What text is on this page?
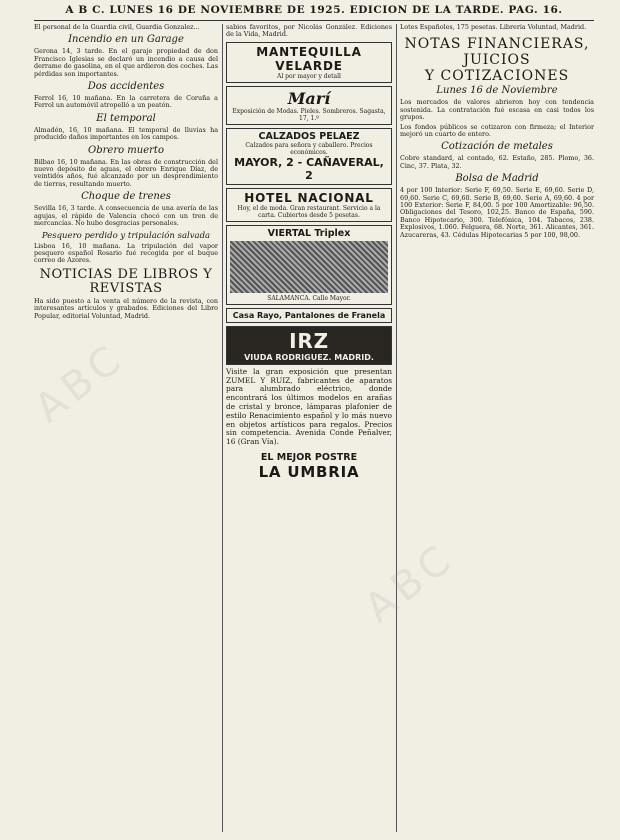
A B C. LUNES 16 DE NOVIEMBRE DE 1925. EDICION DE LA TARDE. PAG. 16.

El personal de la Guardia civil, Guardia Gonzalez...

Incendio en un Garage

Gerona 14, 3 tarde. En el garaje propiedad de don Francisco Iglesias se declaró un incendio a causa del derrame de gasolina, en el que ardieron dos coches. Las pérdidas son importantes.

Dos accidentes

Ferrol 16, 10 mañana. En la carretera de Coruña a Ferrol un automóvil atropelló a un peatón.

El temporal

Almadén, 16, 10 mañana. El temporal de lluvias ha producido daños importantes en los campos.

Obrero muerto

Bilbao 16, 10 mañana. En las obras de construcción del nuevo depósito de aguas, el obrero Enrique Díaz, de veintidós años, fué alcanzado por un desprendimiento de tierras, resultando muerto.

Choque de trenes

Sevilla 16, 3 tarde. A consecuencia de una avería de las agujas, el rápido de Valencia chocó con un tren de mercancías. No hubo desgracias personales.

Pesquero perdido y tripulación salvada

Lisboa 16, 10 mañana. La tripulación del vapor pesquero español Rosario fué recogida por el buque correo de Azores.

NOTICIAS DE LIBROS Y REVISTAS

Ha sido puesto a la venta el número de la revista, con interesantes artículos y grabados. Ediciones del Libro Popular, editorial Voluntad, Madrid.

sabios favoritos, por Nicolás González. Ediciones de la Vida, Madrid.

MANTEQUILLA VELARDE
Al por mayor y detall
Marí
Exposición de Modas. Pieles. Sombreros. Sagasta, 17, 1.º
CALZADOS PELAEZ
Calzados para señora y caballero. Precios económicos.
MAYOR, 2 - CAÑAVERAL, 2
HOTEL NACIONAL
Hoy, el de moda. Gran restaurant. Servicio a la carta. Cubiertos desde 5 pesetas.
VIERTAL Triplex
SALAMANCA. Calle Mayor.
Casa Rayo, Pantalones de Franela
IRZ
VIUDA RODRIGUEZ. MADRID.

Visite la gran exposición que presentan ZUMEL Y RUIZ, fabricantes de aparatos para alumbrado eléctrico, donde encontrará los últimos modelos en arañas de cristal y bronce, lámparas plafonier de estilo Renacimiento español y lo más nuevo en objetos artísticos para regalos. Precios sin competencia. Avenida Conde Peñalver, 16 (Gran Vía).

EL MEJOR POSTRE
LA UMBRIA

Lotes Españoles, 175 pesetas. Librería Voluntad, Madrid.

NOTAS FINANCIERAS,
JUICIOS
Y COTIZACIONES
Lunes 16 de Noviembre

Los mercados de valores abrieron hoy con tendencia sostenida. La contratación fué escasa en casi todos los grupos.

Los fondos públicos se cotizaron con firmeza; el Interior mejoró un cuarto de entero.

Cotización de metales

Cobre standard, al contado, 62. Estaño, 285. Plomo, 36. Cinc, 37. Plata, 32.

Bolsa de Madrid

4 por 100 Interior: Serie F, 69,50. Serie E, 69,60. Serie D, 69,60. Serie C, 69,60. Serie B, 69,60. Serie A, 69,60. 4 por 100 Exterior: Serie F, 84,00. 5 por 100 Amortizable: 96,50. Obligaciones del Tesoro, 102,25. Banco de España, 590. Banco Hipotecario, 300. Telefónica, 104. Tabacos, 238. Explosivos, 1.060. Felguera, 68. Norte, 361. Alicantes, 361. Azucareras, 43. Cédulas Hipotecarias 5 por 100, 98,00.

ABC
ABC
